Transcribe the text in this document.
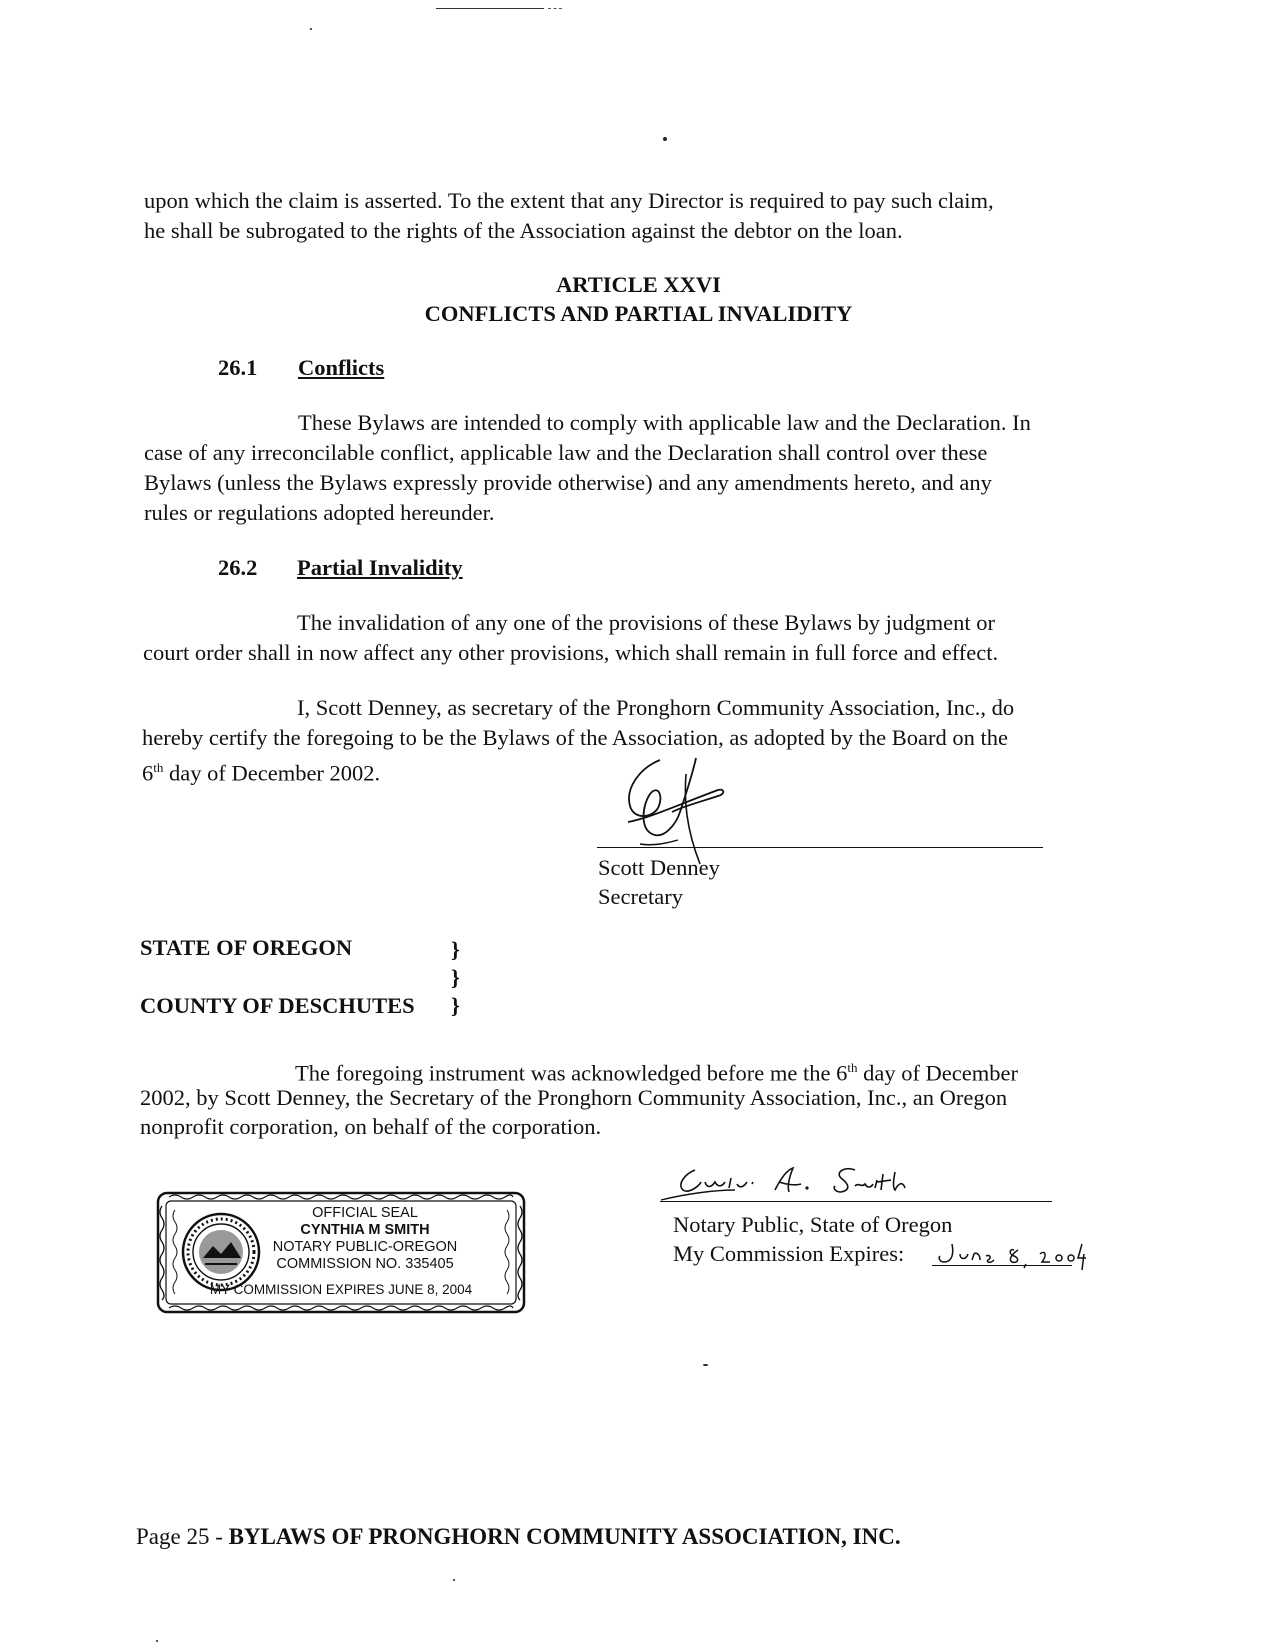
upon which the claim is asserted. To the extent that any Director is required to pay such claim,
he shall be subrogated to the rights of the Association against the debtor on the loan.
ARTICLE XXVI
CONFLICTS AND PARTIAL INVALIDITY
26.1 Conflicts
These Bylaws are intended to comply with applicable law and the Declaration. In
case of any irreconcilable conflict, applicable law and the Declaration shall control over these
Bylaws (unless the Bylaws expressly provide otherwise) and any amendments hereto, and any
rules or regulations adopted hereunder.
26.2 Partial Invalidity
The invalidation of any one of the provisions of these Bylaws by judgment or
court order shall in now affect any other provisions, which shall remain in full force and effect.
I, Scott Denney, as secretary of the Pronghorn Community Association, Inc., do
hereby certify the foregoing to be the Bylaws of the Association, as adopted by the Board on the
6th day of December 2002.
Scott Denney
Secretary
STATE OF OREGON	}
}
COUNTY OF DESCHUTES }
The foregoing instrument was acknowledged before me the 6th day of December
2002, by Scott Denney, the Secretary of the Pronghorn Community Association, Inc., an Oregon
nonprofit corporation, on behalf of the corporation.
OFFICIAL SEAL
CYNTHIA M SMITH
NOTARY PUBLIC-OREGON
COMMISSION NO. 335405
MY COMMISSION EXPIRES JUNE 8, 2004
Notary Public, State of Oregon
My Commission Expires:
Page 25 - BYLAWS OF PRONGHORN COMMUNITY ASSOCIATION, INC.
